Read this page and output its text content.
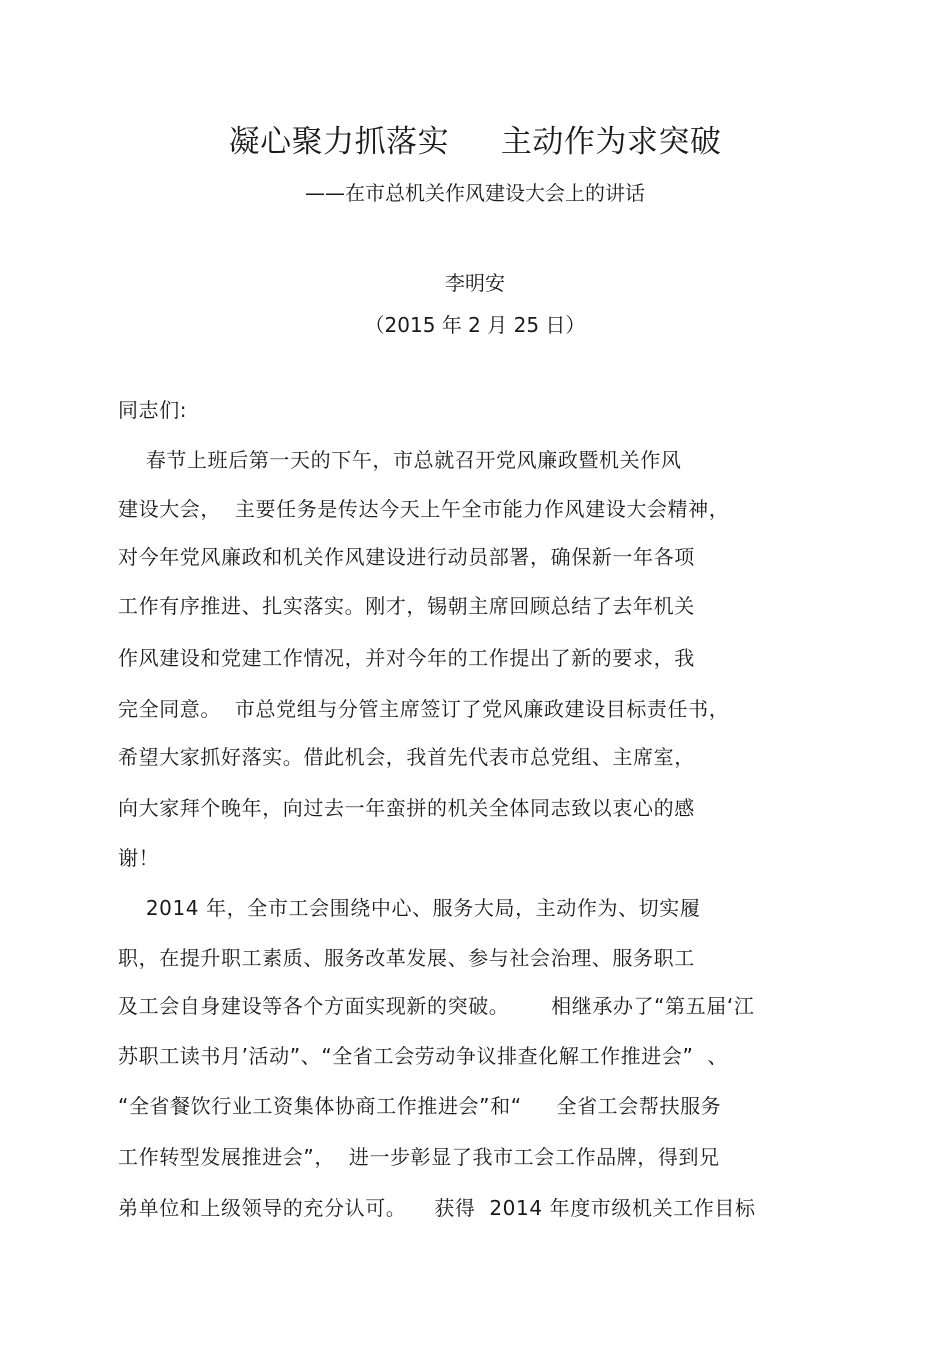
凝心聚力抓落实     主动作为求突破
——在市总机关作风建设大会上的讲话
李明安
（2015 年 2 月 25 日）
同志们:
春节上班后第一天的下午，市总就召开党风廉政暨机关作风
建设大会，  主要任务是传达今天上午全市能力作风建设大会精神，
对今年党风廉政和机关作风建设进行动员部署，确保新一年各项
工作有序推进、扎实落实。刚才，锡朝主席回顾总结了去年机关
作风建设和党建工作情况，并对今年的工作提出了新的要求，我
完全同意。  市总党组与分管主席签订了党风廉政建设目标责任书，
希望大家抓好落实。借此机会，我首先代表市总党组、主席室，
向大家拜个晚年，向过去一年蛮拼的机关全体同志致以衷心的感
谢！
2014 年，全市工会围绕中心、服务大局，主动作为、切实履
职，在提升职工素质、服务改革发展、参与社会治理、服务职工
及工会自身建设等各个方面实现新的突破。      相继承办了“第五届‘江
苏职工读书月’活动”、“全省工会劳动争议排查化解工作推进会”  、
“全省餐饮行业工资集体协商工作推进会”和“     全省工会帮扶服务
工作转型发展推进会”，  进一步彰显了我市工会工作品牌，得到兄
弟单位和上级领导的充分认可。    获得  2014 年度市级机关工作目标
